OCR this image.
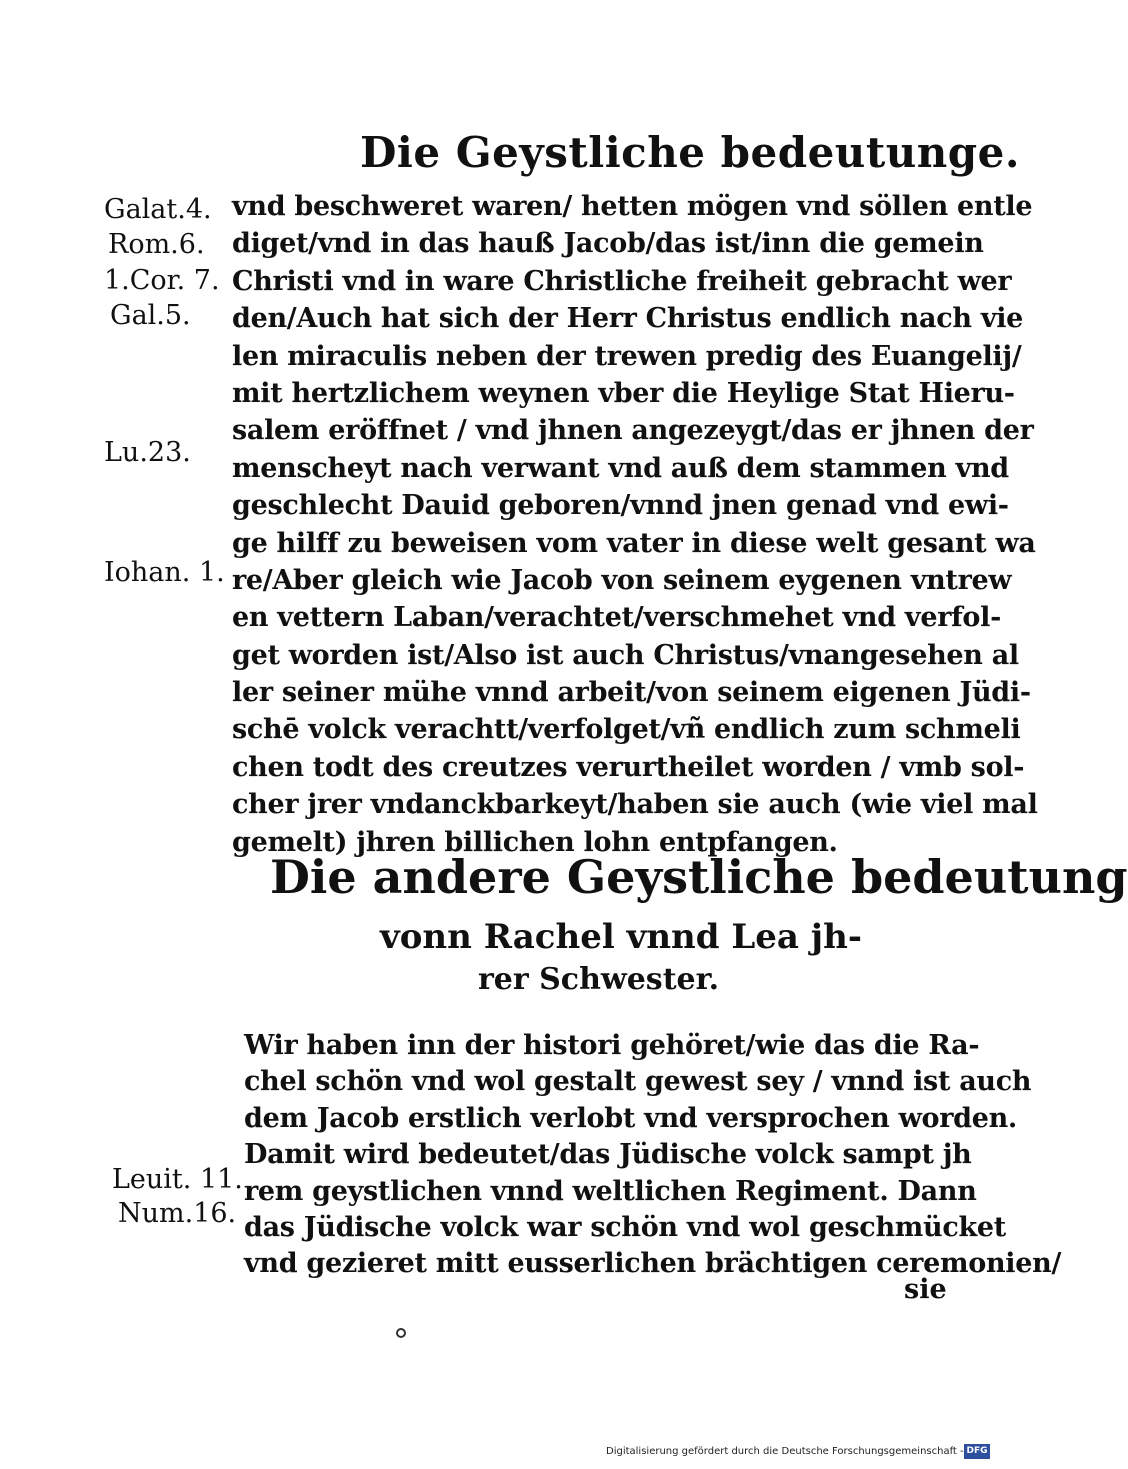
Die Geystliche bedeutunge.
Galat.4.
Rom.6.
1.Cor. 7.
Gal.5.
Lu.23.
Iohan. 1.
Leuit. 11.
Num.16.
vnd beschweret waren/ hetten mögen vnd söllen entle
diget/vnd in das hauß Jacob/das ist/inn die gemein
Christi vnd in ware Christliche freiheit gebracht wer
den/Auch hat sich der Herr Christus endlich nach vie
len miraculis neben der trewen predig des Euangelij/
mit hertzlichem weynen vber die Heylige Stat Hieru-
salem eröffnet / vnd jhnen angezeygt/das er jhnen der
menscheyt nach verwant vnd auß dem stammen vnd
geschlecht Dauid geboren/vnnd jnen genad vnd ewi-
ge hilff zu beweisen vom vater in diese welt gesant wa
re/Aber gleich wie Jacob von seinem eygenen vntrew
en vettern Laban/verachtet/verschmehet vnd verfol-
get worden ist/Also ist auch Christus/vnangesehen al
ler seiner mühe vnnd arbeit/von seinem eigenen Jüdi-
schē volck verachtt/verfolget/vñ endlich zum schmeli
chen todt des creutzes verurtheilet worden / vmb sol-
cher jrer vndanckbarkeyt/haben sie auch (wie viel mal
gemelt) jhren billichen lohn entpfangen.
Die andere Geystliche bedeutung
vonn Rachel vnnd Lea jh-
rer Schwester.
Wir haben inn der histori gehöret/wie das die Ra-
chel schön vnd wol gestalt gewest sey / vnnd ist auch
dem Jacob erstlich verlobt vnd versprochen worden.
Damit wird bedeutet/das Jüdische volck sampt jh
rem geystlichen vnnd weltlichen Regiment. Dann
das Jüdische volck war schön vnd wol geschmücket
vnd gezieret mitt eusserlichen brächtigen ceremonien/
sie
Digitalisierung gefördert durch die Deutsche Forschungsgemeinschaft - DFG
